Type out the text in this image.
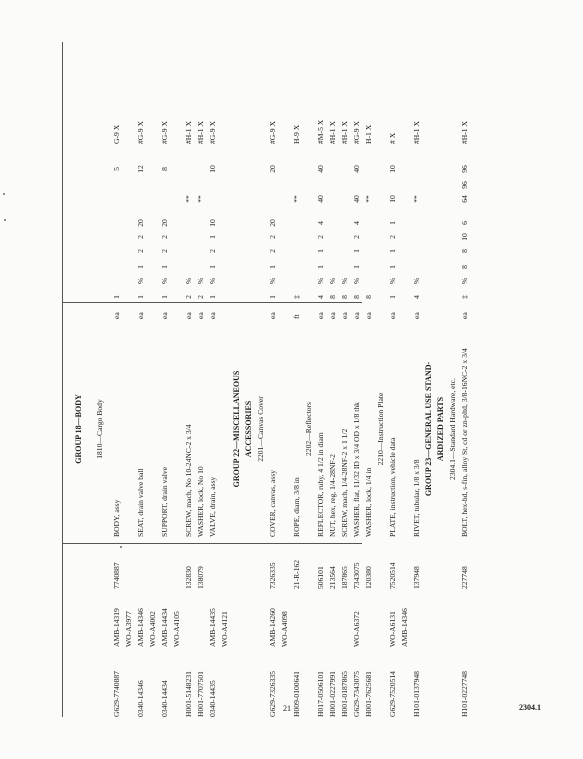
GROUP 18—BODY 1810—Cargo Body
G629-7740887
AMB-14319
7740887
BODY, assy
ea
1
5
G-9 X
WO-A3977
0340-14346
AMB-14346
SEAT, drain valve ball
ea
1
%
1
2
2
20
12
#G-9 X
WO-A4002
0340-14434
AMB-14434
SUPPORT, drain valve
ea
1
%
1
2
2
20
8
#G-9 X
WO-A4105
H001-5148231
132830
SCREW, mach, No 10-24NC-2 x 3/4
ea
2
%
**
#H-1 X
H001-7707501
138079
WASHER, lock, No 10
ea
2
%
**
#H-1 X
0340-14435
AMB-14435
VALVE, drain, assy
ea
1
%
1
2
1
10
10
#G-9 X
WO-A4121
GROUP 22—MISCELLANEOUS ACCESSORIES 2201—Canvas Cover
G629-7326335
AMB-14260
7326335
COVER, canvas, assy
ea
1
%
1
2
2
20
20
#G-9 X
WO-A4098
H009-0100641
21-R-162
ROPE, diam, 3/8 in
ft
‡
**
H-9 X
2202—Reflectors
H017-0506101
506101
REFLECTOR, ruby, 4 1/2 in diam
ea
4
%
1
1
2
4
40
40
#M-5 X
H001-0227991
213564
NUT, hex, reg, 1/4-28NF-2
ea
8
%
#H-1 X
H001-0187865
187865
SCREW, mach, 1/4-28NF-2 x 1 1/2
ea
8
%
#H-1 X
G629-7343075
WO-A6372
7343075
WASHER, flat, 11/32 ID x 3/4 OD x 1/8 thk
ea
8
%
1
1
2
4
40
40
#G-9 X
H001-7625681
120380
WASHER, lock, 1/4 in
ea
8
**
H-1 X
2210—Instruction Plate
G629-7520514
WO-A6131
7520514
PLATE, instruction, vehicle data
ea
1
%
1
1
2
1
10
10
# X
AMB-14346
H101-0137948
137948
RIVET, tubular, 1/8 x 3/8
ea
4
%
**
#H-1 X
GROUP 23—GENERAL USE STAND- ARDIZED PARTS 2304.1—Standard Hardware, etc.
H101-0227748
227748
BOLT, hex-hd, s-fin, alloy St, cd or zn-pltd, 3/8-16NC-2 x 3/4
ea
‡
%
8
8
10
6
64
96
96
#H-1 X
21	2304.1
